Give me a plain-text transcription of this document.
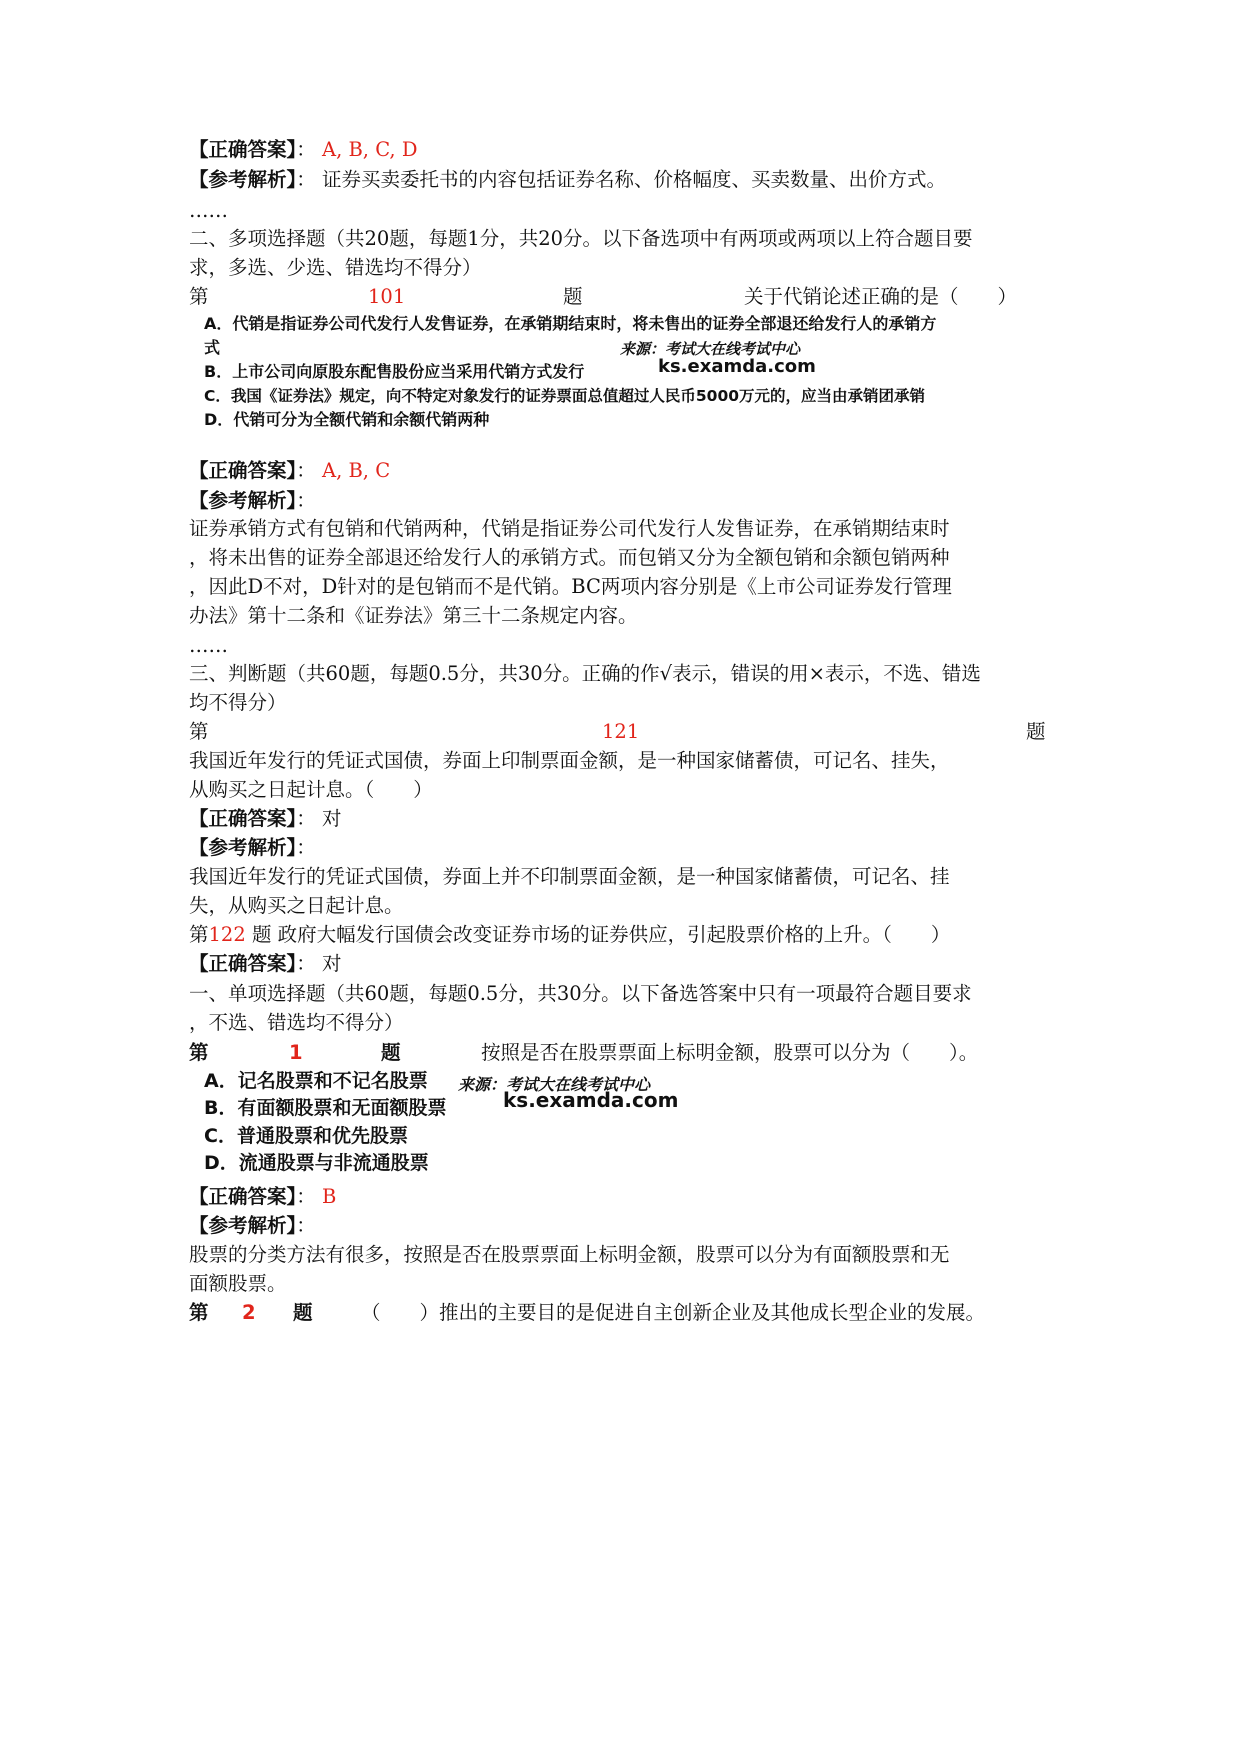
【正确答案】： A, B, C, D
【参考解析】： 证券买卖委托书的内容包括证券名称、价格幅度、买卖数量、出价方式。
……
二、多项选择题（共20题，每题1分，共20分。以下备选项中有两项或两项以上符合题目要
求，多选、少选、错选均不得分）
第	101	题	关于代销论述正确的是（　　）
A．代销是指证券公司代发行人发售证券，在承销期结束时，将未售出的证券全部退还给发行人的承销方
式	来源：考试大在线考试中心
B．上市公司向原股东配售股份应当采用代销方式发行	ks.examda.com
C．我国《证券法》规定，向不特定对象发行的证券票面总值超过人民币5000万元的，应当由承销团承销
D．代销可分为全额代销和余额代销两种
【正确答案】： A, B, C
【参考解析】：
证券承销方式有包销和代销两种，代销是指证券公司代发行人发售证券，在承销期结束时
，将未出售的证券全部退还给发行人的承销方式。而包销又分为全额包销和余额包销两种
，因此D不对，D针对的是包销而不是代销。BC两项内容分别是《上市公司证券发行管理
办法》第十二条和《证券法》第三十二条规定内容。
……
三、判断题（共60题，每题0.5分，共30分。正确的作√表示，错误的用×表示，不选、错选
均不得分）
第	121	题
我国近年发行的凭证式国债，券面上印制票面金额，是一种国家储蓄债，可记名、挂失，
从购买之日起计息。（　　）
【正确答案】： 对
【参考解析】：
我国近年发行的凭证式国债，券面上并不印制票面金额，是一种国家储蓄债，可记名、挂
失，从购买之日起计息。
第122 题 政府大幅发行国债会改变证券市场的证券供应，引起股票价格的上升。（　　）
【正确答案】： 对
一、单项选择题（共60题，每题0.5分，共30分。以下备选答案中只有一项最符合题目要求
，不选、错选均不得分）
第	1	题	按照是否在股票票面上标明金额，股票可以分为（　　）。
A．记名股票和不记名股票 来源：考试大在线考试中心
B．有面额股票和无面额股票	ks.examda.com
C．普通股票和优先股票
D．流通股票与非流通股票
【正确答案】： B
【参考解析】：
股票的分类方法有很多，按照是否在股票票面上标明金额，股票可以分为有面额股票和无
面额股票。
第 2 题 （　　）推出的主要目的是促进自主创新企业及其他成长型企业的发展。
